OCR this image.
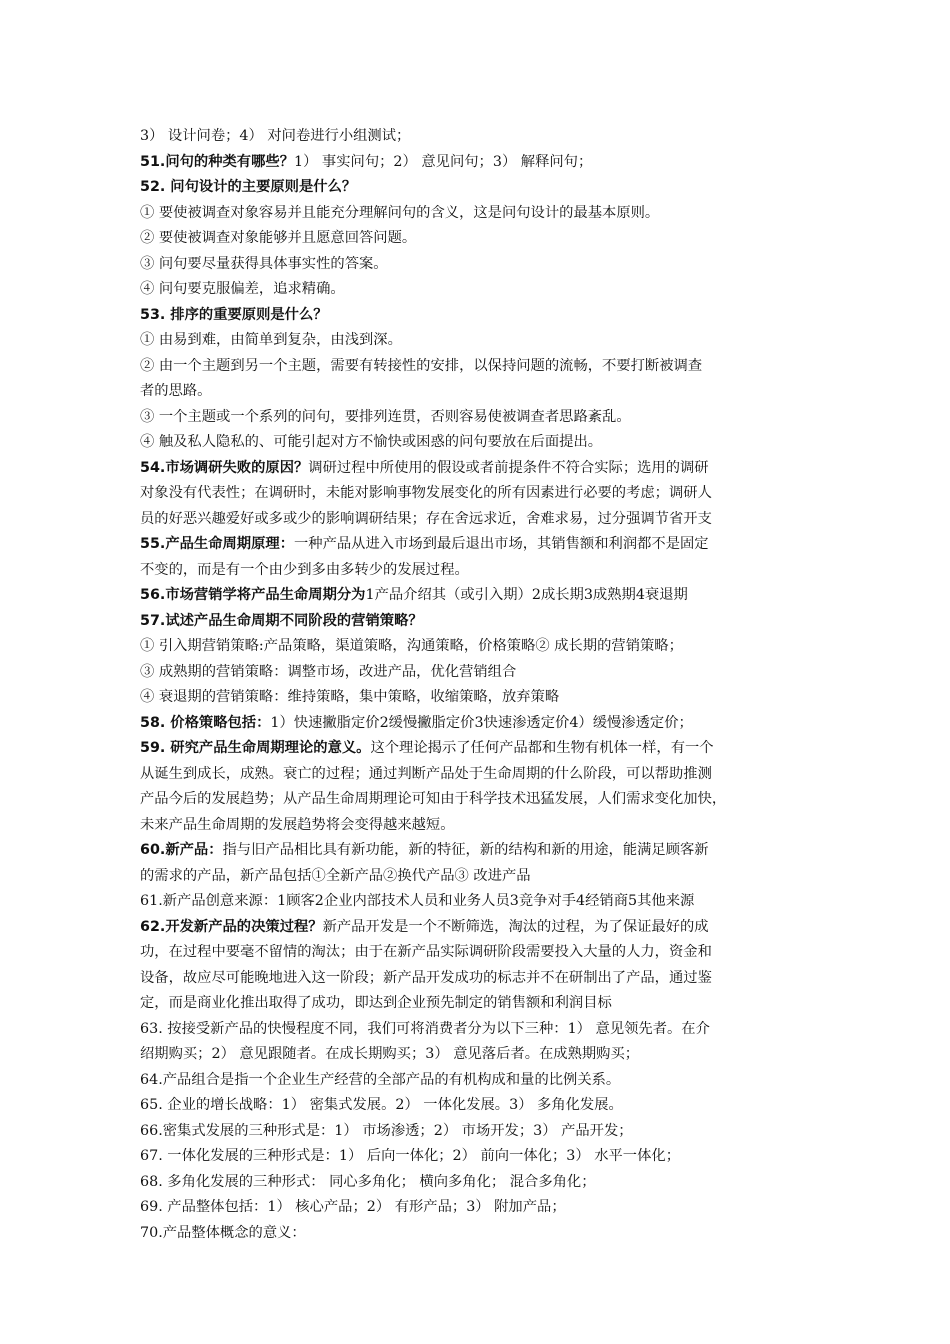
3） 设计问卷；4） 对问卷进行小组测试；
51.问句的种类有哪些？1） 事实问句；2） 意见问句；3） 解释问句；
52. 问句设计的主要原则是什么？
① 要使被调查对象容易并且能充分理解问句的含义，这是问句设计的最基本原则。
② 要使被调查对象能够并且愿意回答问题。
③ 问句要尽量获得具体事实性的答案。
④ 问句要克服偏差，追求精确。
53. 排序的重要原则是什么？
① 由易到难，由简单到复杂，由浅到深。
② 由一个主题到另一个主题，需要有转接性的安排，以保持问题的流畅，不要打断被调查
者的思路。
③ 一个主题或一个系列的问句，要排列连贯，否则容易使被调查者思路紊乱。
④ 触及私人隐私的、可能引起对方不愉快或困惑的问句要放在后面提出。
54.市场调研失败的原因？调研过程中所使用的假设或者前提条件不符合实际；选用的调研
对象没有代表性；在调研时，未能对影响事物发展变化的所有因素进行必要的考虑；调研人
员的好恶兴趣爱好或多或少的影响调研结果；存在舍远求近，舍难求易，过分强调节省开支
55.产品生命周期原理：一种产品从进入市场到最后退出市场，其销售额和利润都不是固定
不变的，而是有一个由少到多由多转少的发展过程。
56.市场营销学将产品生命周期分为1产品介绍其（或引入期）2成长期3成熟期4衰退期
57.试述产品生命周期不同阶段的营销策略？
① 引入期营销策略:产品策略，渠道策略，沟通策略，价格策略② 成长期的营销策略；
③ 成熟期的营销策略：调整市场，改进产品，优化营销组合
④ 衰退期的营销策略：维持策略，集中策略，收缩策略，放弃策略
58. 价格策略包括：1）快速撇脂定价2缓慢撇脂定价3快速渗透定价4）缓慢渗透定价；
59. 研究产品生命周期理论的意义。这个理论揭示了任何产品都和生物有机体一样，有一个
从诞生到成长，成熟。衰亡的过程；通过判断产品处于生命周期的什么阶段，可以帮助推测
产品今后的发展趋势；从产品生命周期理论可知由于科学技术迅猛发展，人们需求变化加快，
未来产品生命周期的发展趋势将会变得越来越短。
60.新产品：指与旧产品相比具有新功能，新的特征，新的结构和新的用途，能满足顾客新
的需求的产品，新产品包括①全新产品②换代产品③ 改进产品
61.新产品创意来源：1顾客2企业内部技术人员和业务人员3竞争对手4经销商5其他来源
62.开发新产品的决策过程？新产品开发是一个不断筛选，淘汰的过程，为了保证最好的成
功，在过程中要毫不留情的淘汰；由于在新产品实际调研阶段需要投入大量的人力，资金和
设备，故应尽可能晚地进入这一阶段；新产品开发成功的标志并不在研制出了产品，通过鉴
定，而是商业化推出取得了成功，即达到企业预先制定的销售额和利润目标
63. 按接受新产品的快慢程度不同，我们可将消费者分为以下三种：1） 意见领先者。在介
绍期购买；2） 意见跟随者。在成长期购买；3） 意见落后者。在成熟期购买；
64.产品组合是指一个企业生产经营的全部产品的有机构成和量的比例关系。
65. 企业的增长战略：1） 密集式发展。2） 一体化发展。3） 多角化发展。
66.密集式发展的三种形式是：1） 市场渗透；2） 市场开发；3） 产品开发；
67. 一体化发展的三种形式是：1） 后向一体化；2） 前向一体化；3） 水平一体化；
68. 多角化发展的三种形式： 同心多角化； 横向多角化； 混合多角化；
69. 产品整体包括：1） 核心产品；2） 有形产品；3） 附加产品；
70.产品整体概念的意义：
